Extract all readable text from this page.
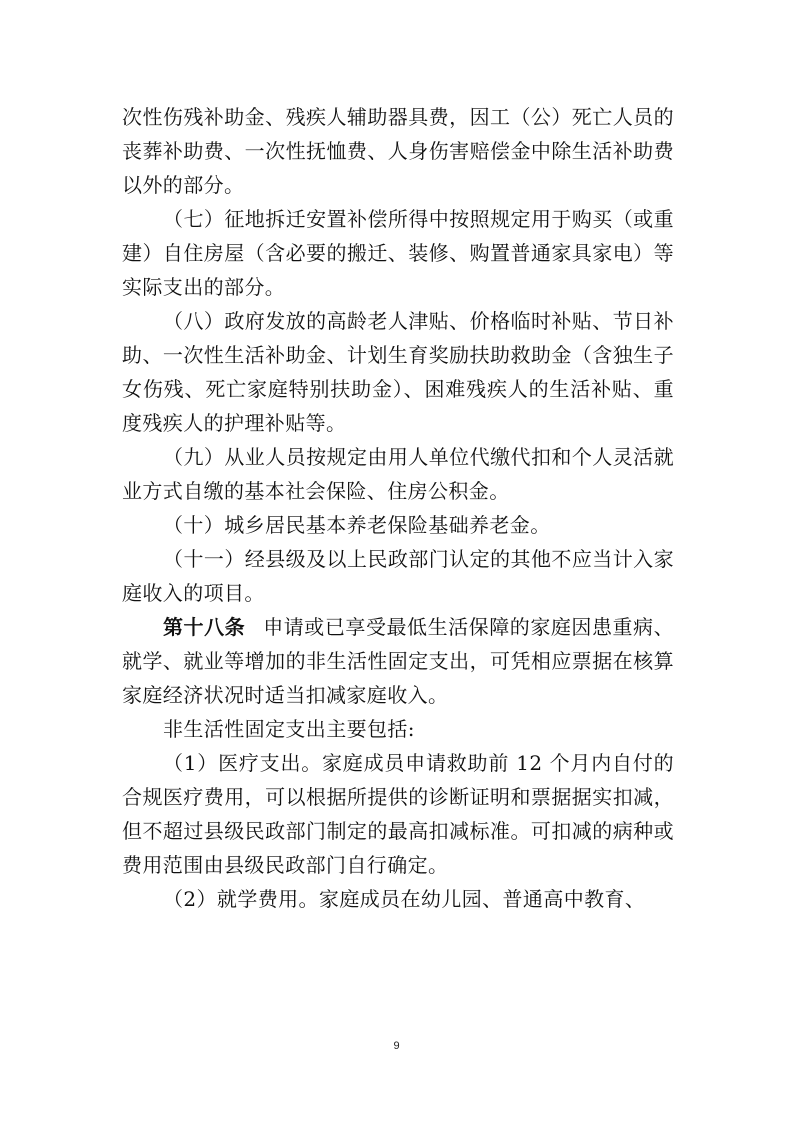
次性伤残补助金、残疾人辅助器具费，因工（公）死亡人员的丧葬补助费、一次性抚恤费、人身伤害赔偿金中除生活补助费以外的部分。

（七）征地拆迁安置补偿所得中按照规定用于购买（或重建）自住房屋（含必要的搬迁、装修、购置普通家具家电）等实际支出的部分。

（八）政府发放的高龄老人津贴、价格临时补贴、节日补助、一次性生活补助金、计划生育奖励扶助救助金（含独生子女伤残、死亡家庭特别扶助金）、困难残疾人的生活补贴、重度残疾人的护理补贴等。

（九）从业人员按规定由用人单位代缴代扣和个人灵活就业方式自缴的基本社会保险、住房公积金。

（十）城乡居民基本养老保险基础养老金。

（十一）经县级及以上民政部门认定的其他不应当计入家庭收入的项目。

第十八条 申请或已享受最低生活保障的家庭因患重病、就学、就业等增加的非生活性固定支出，可凭相应票据在核算家庭经济状况时适当扣减家庭收入。

非生活性固定支出主要包括:

（1）医疗支出。家庭成员申请救助前 12 个月内自付的合规医疗费用，可以根据所提供的诊断证明和票据据实扣减，但不超过县级民政部门制定的最高扣减标准。可扣减的病种或费用范围由县级民政部门自行确定。

（2）就学费用。家庭成员在幼儿园、普通高中教育、

9
